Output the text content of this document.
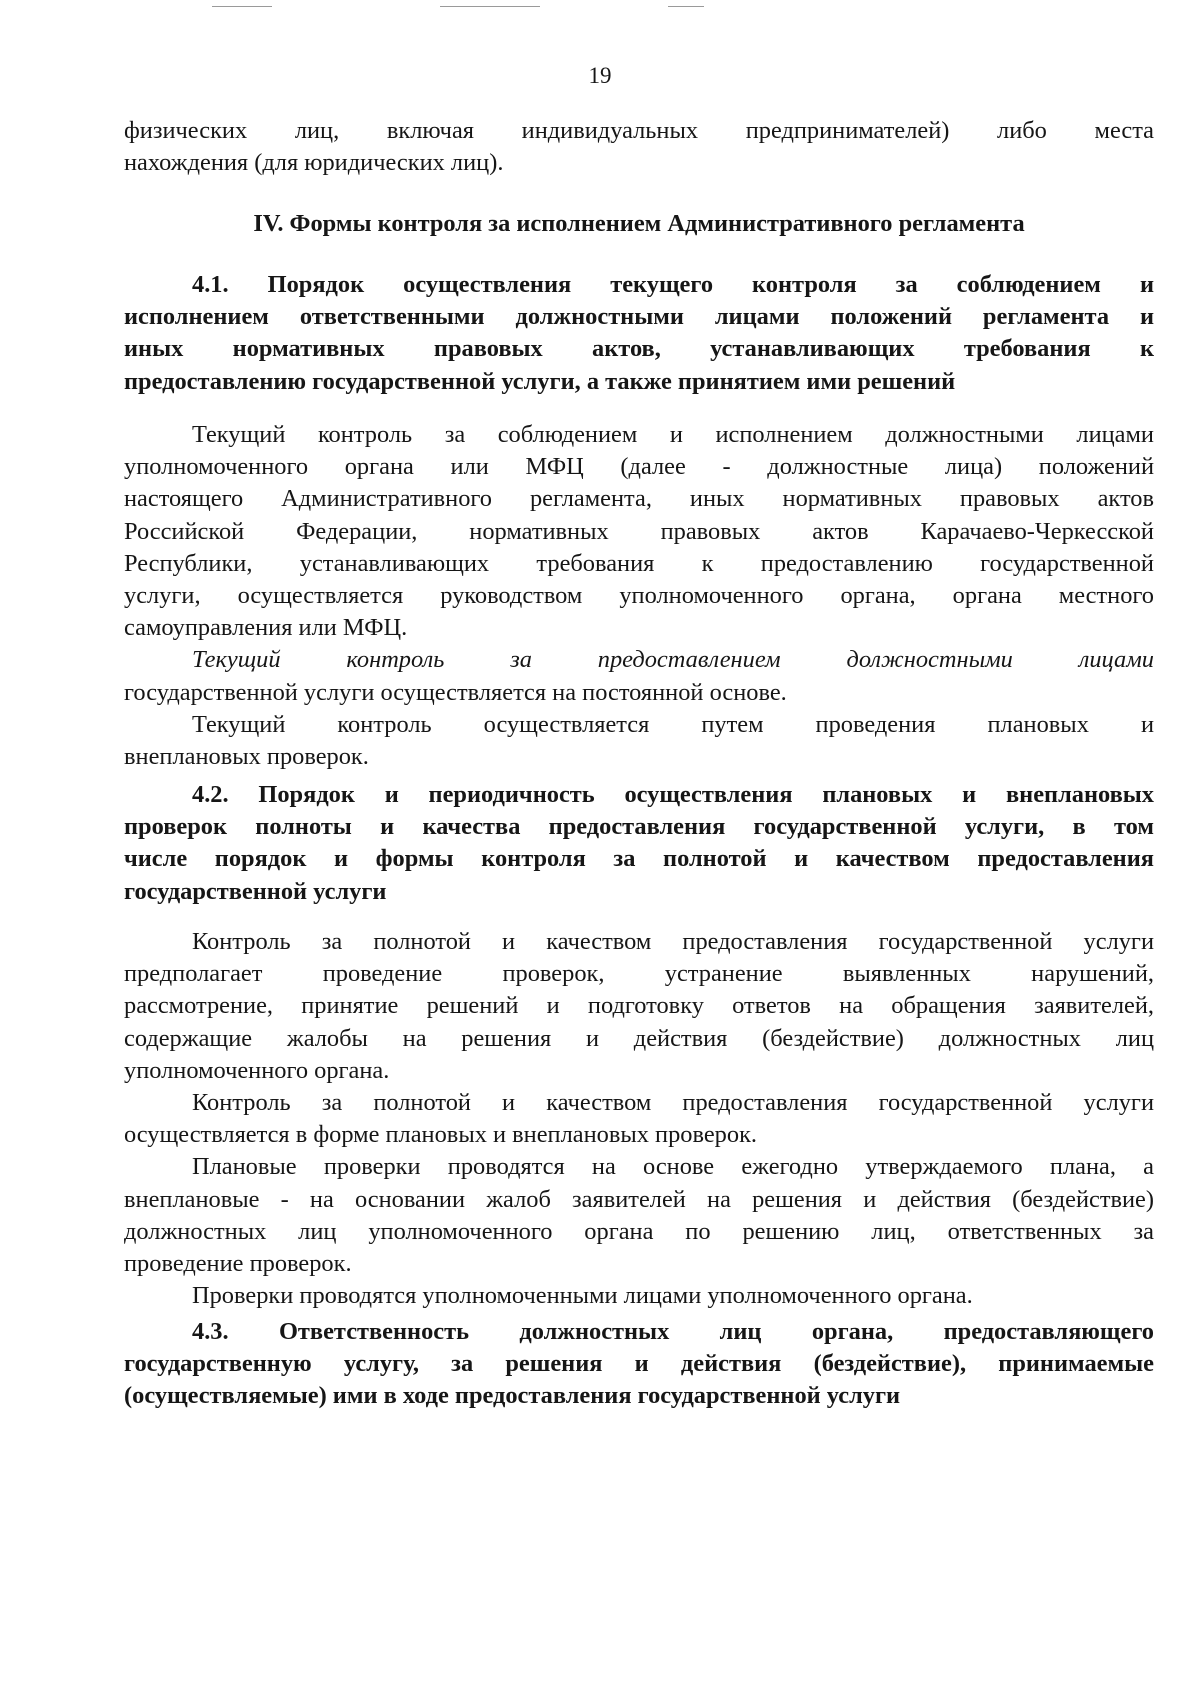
19
физических лиц, включая индивидуальных предпринимателей) либо места
нахождения (для юридических лиц).
IV. Формы контроля за исполнением Административного регламента
4.1. Порядок осуществления текущего контроля за соблюдением и
исполнением ответственными должностными лицами положений регламента и
иных нормативных правовых актов, устанавливающих требования к
предоставлению государственной услуги, а также принятием ими решений
Текущий контроль за соблюдением и исполнением должностными лицами
уполномоченного органа или МФЦ (далее - должностные лица) положений
настоящего Административного регламента, иных нормативных правовых актов
Российской Федерации, нормативных правовых актов Карачаево-Черкесской
Республики, устанавливающих требования к предоставлению государственной
услуги, осуществляется руководством уполномоченного органа, органа местного
самоуправления или МФЦ.
Текущий контроль за предоставлением должностными лицами
государственной услуги осуществляется на постоянной основе.
Текущий контроль осуществляется путем проведения плановых и
внеплановых проверок.
4.2. Порядок и периодичность осуществления плановых и внеплановых
проверок полноты и качества предоставления государственной услуги, в том
числе порядок и формы контроля за полнотой и качеством предоставления
государственной услуги
Контроль за полнотой и качеством предоставления государственной услуги
предполагает проведение проверок, устранение выявленных нарушений,
рассмотрение, принятие решений и подготовку ответов на обращения заявителей,
содержащие жалобы на решения и действия (бездействие) должностных лиц
уполномоченного органа.
Контроль за полнотой и качеством предоставления государственной услуги
осуществляется в форме плановых и внеплановых проверок.
Плановые проверки проводятся на основе ежегодно утверждаемого плана, а
внеплановые - на основании жалоб заявителей на решения и действия (бездействие)
должностных лиц уполномоченного органа по решению лиц, ответственных за
проведение проверок.
Проверки проводятся уполномоченными лицами уполномоченного органа.
4.3. Ответственность должностных лиц органа, предоставляющего
государственную услугу, за решения и действия (бездействие), принимаемые
(осуществляемые) ими в ходе предоставления государственной услуги
